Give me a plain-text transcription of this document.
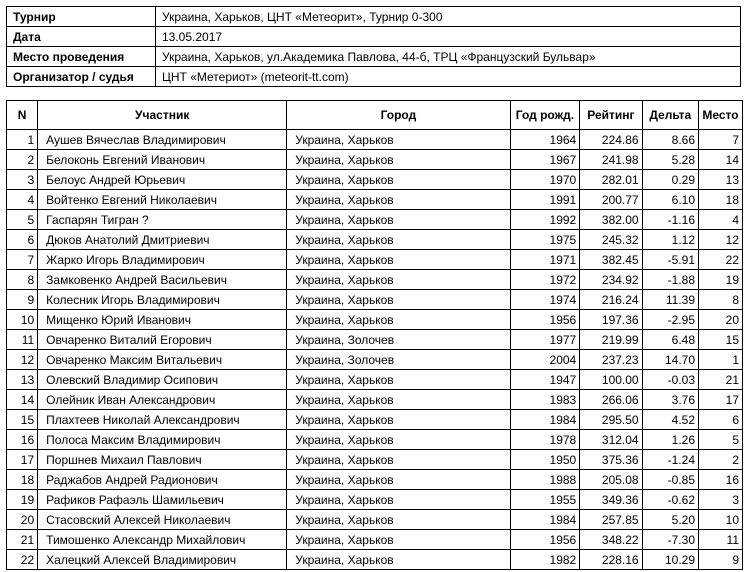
Турнир	Украина, Харьков, ЦНТ «Метеорит», Турнир 0-300
Дата	13.05.2017
Место проведения	Украина, Харьков, ул.Академика Павлова, 44-б, ТРЦ «Французский Бульвар»
Организатор / судья	ЦНТ «Метериот» (meteorit-tt.com)
N	Участник	Город	Год рожд.	Рейтинг	Дельта	Место
1	Аушев Вячеслав Владимирович	Украина, Харьков	1964	224.86	8.66	7
2	Белоконь Евгений Иванович	Украина, Харьков	1967	241.98	5.28	14
3	Белоус Андрей Юрьевич	Украина, Харьков	1970	282.01	0.29	13
4	Войтенко Евгений Николаевич	Украина, Харьков	1991	200.77	6.10	18
5	Гаспарян Тигран ?	Украина, Харьков	1992	382.00	-1.16	4
6	Дюков Анатолий Дмитриевич	Украина, Харьков	1975	245.32	1.12	12
7	Жарко Игорь Владимирович	Украина, Харьков	1971	382.45	-5.91	22
8	Замковенко Андрей Васильевич	Украина, Харьков	1972	234.92	-1.88	19
9	Колесник Игорь Владимирович	Украина, Харьков	1974	216.24	11.39	8
10	Мищенко Юрий Иванович	Украина, Харьков	1956	197.36	-2.95	20
11	Овчаренко Виталий Егорович	Украина, Золочев	1977	219.99	6.48	15
12	Овчаренко Максим Витальевич	Украина, Золочев	2004	237.23	14.70	1
13	Олевский Владимир Осипович	Украина, Харьков	1947	100.00	-0.03	21
14	Олейник Иван Александрович	Украина, Харьков	1983	266.06	3.76	17
15	Плахтеев Николай Александрович	Украина, Харьков	1984	295.50	4.52	6
16	Полоса Максим Владимирович	Украина, Харьков	1978	312.04	1.26	5
17	Поршнев Михаил Павлович	Украина, Харьков	1950	375.36	-1.24	2
18	Раджабов Андрей Радионович	Украина, Харьков	1988	205.08	-0.85	16
19	Рафиков Рафаэль Шамильевич	Украина, Харьков	1955	349.36	-0.62	3
20	Стасовский Алексей Николаевич	Украина, Харьков	1984	257.85	5.20	10
21	Тимошенко Александр Михайлович	Украина, Харьков	1956	348.22	-7.30	11
22	Халецкий Алексей Владимирович	Украина, Харьков	1982	228.16	10.29	9
